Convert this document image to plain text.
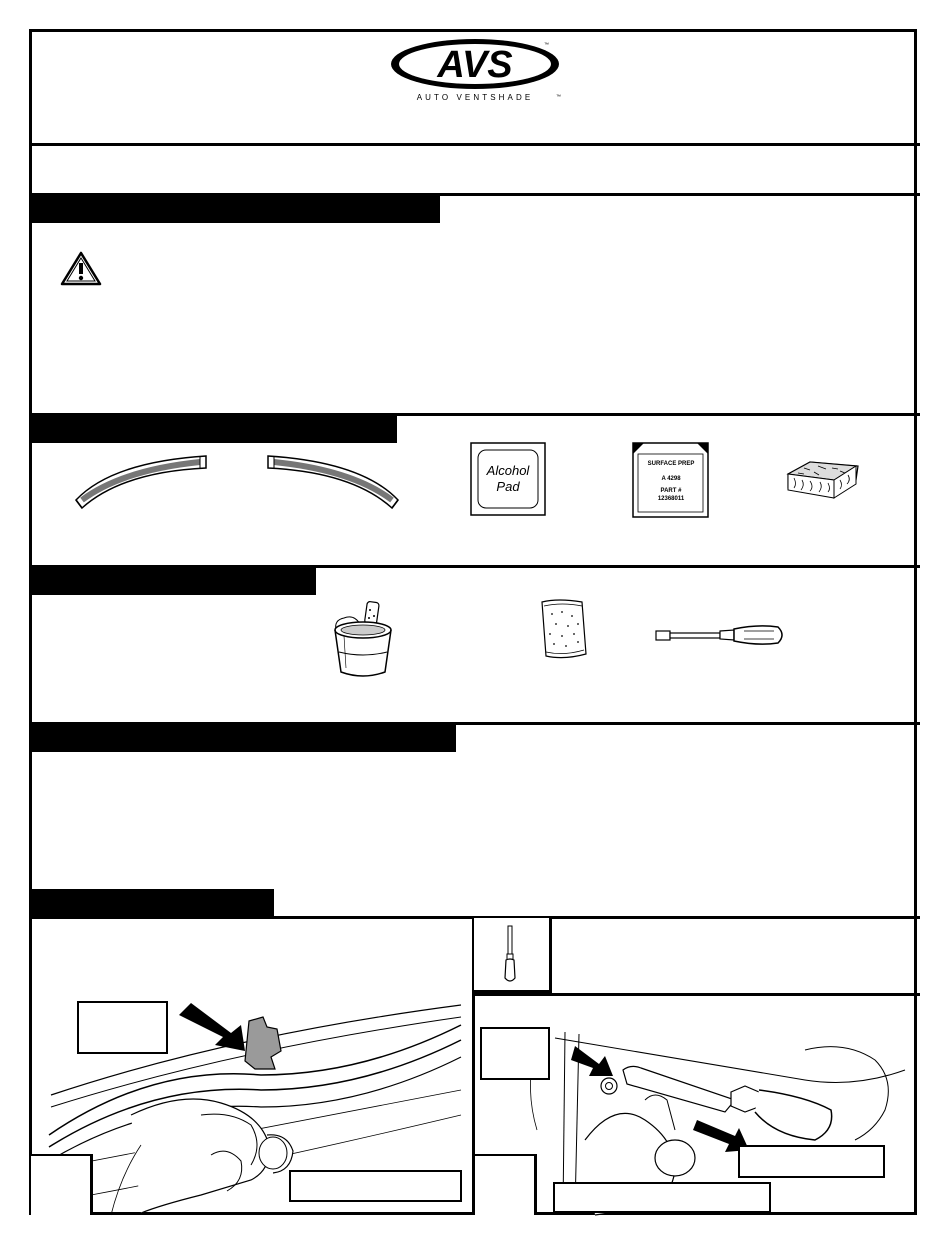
AVS	™
AUTO VENTSHADE	™
Alcohol
Pad
SURFACE PREP
A 4298
PART #
12368011
